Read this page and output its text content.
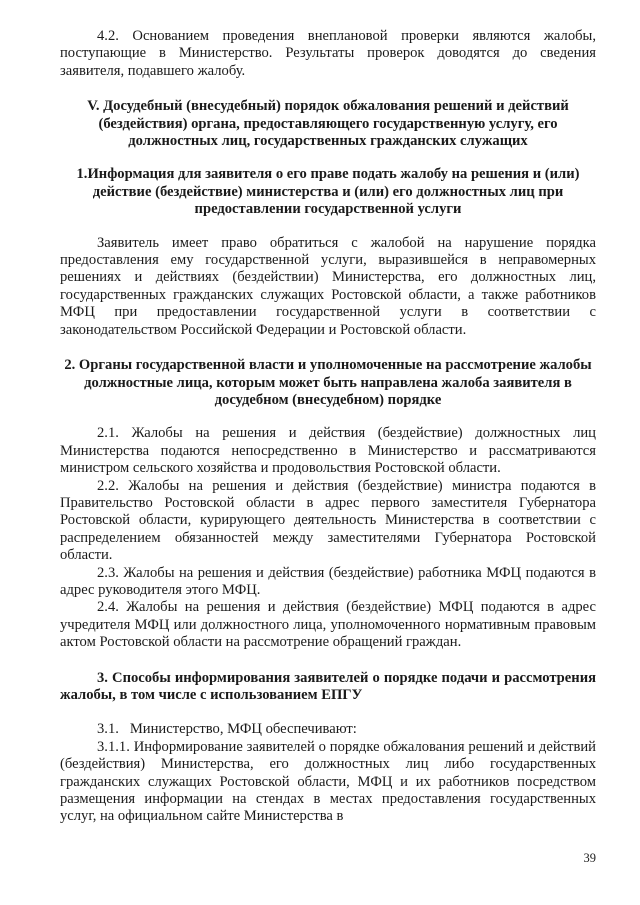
4.2. Основанием проведения внеплановой проверки являются жалобы, поступающие в Министерство. Результаты проверок доводятся до сведения заявителя, подавшего жалобу.

V. Досудебный (внесудебный) порядок обжалования решений и действий (бездействия) органа, предоставляющего государственную услугу, его должностных лиц, государственных гражданских служащих

1.Информация для заявителя о его праве подать жалобу на решения и (или) действие (бездействие) министерства и (или) его должностных лиц при предоставлении государственной услуги

Заявитель имеет право обратиться с жалобой на нарушение порядка предоставления ему государственной услуги, выразившейся в неправомерных решениях и действиях (бездействии) Министерства, его должностных лиц, государственных гражданских служащих Ростовской области, а также работников МФЦ при предоставлении государственной услуги в соответствии с законодательством Российской Федерации и Ростовской области.

2. Органы государственной власти и уполномоченные на рассмотрение жалобы должностные лица, которым может быть направлена жалоба заявителя в досудебном (внесудебном) порядке

2.1. Жалобы на решения и действия (бездействие) должностных лиц Министерства подаются непосредственно в Министерство и рассматриваются министром сельского хозяйства и продовольствия Ростовской области.

2.2. Жалобы на решения и действия (бездействие) министра подаются в Правительство Ростовской области в адрес первого заместителя Губернатора Ростовской области, курирующего деятельность Министерства в соответствии с распределением обязанностей между заместителями Губернатора Ростовской области.

2.3. Жалобы на решения и действия (бездействие) работника МФЦ подаются в адрес руководителя этого МФЦ.

2.4. Жалобы на решения и действия (бездействие) МФЦ подаются в адрес учредителя МФЦ или должностного лица, уполномоченного нормативным правовым актом Ростовской области на рассмотрение обращений граждан.

3. Способы информирования заявителей о порядке подачи и рассмотрения жалобы, в том числе с использованием ЕПГУ

3.1.   Министерство, МФЦ обеспечивают:

3.1.1. Информирование заявителей о порядке обжалования решений и действий (бездействия) Министерства, его должностных лиц либо государственных гражданских служащих Ростовской области, МФЦ и их работников посредством размещения информации на стендах в местах предоставления государственных услуг, на официальном сайте Министерства в

39
